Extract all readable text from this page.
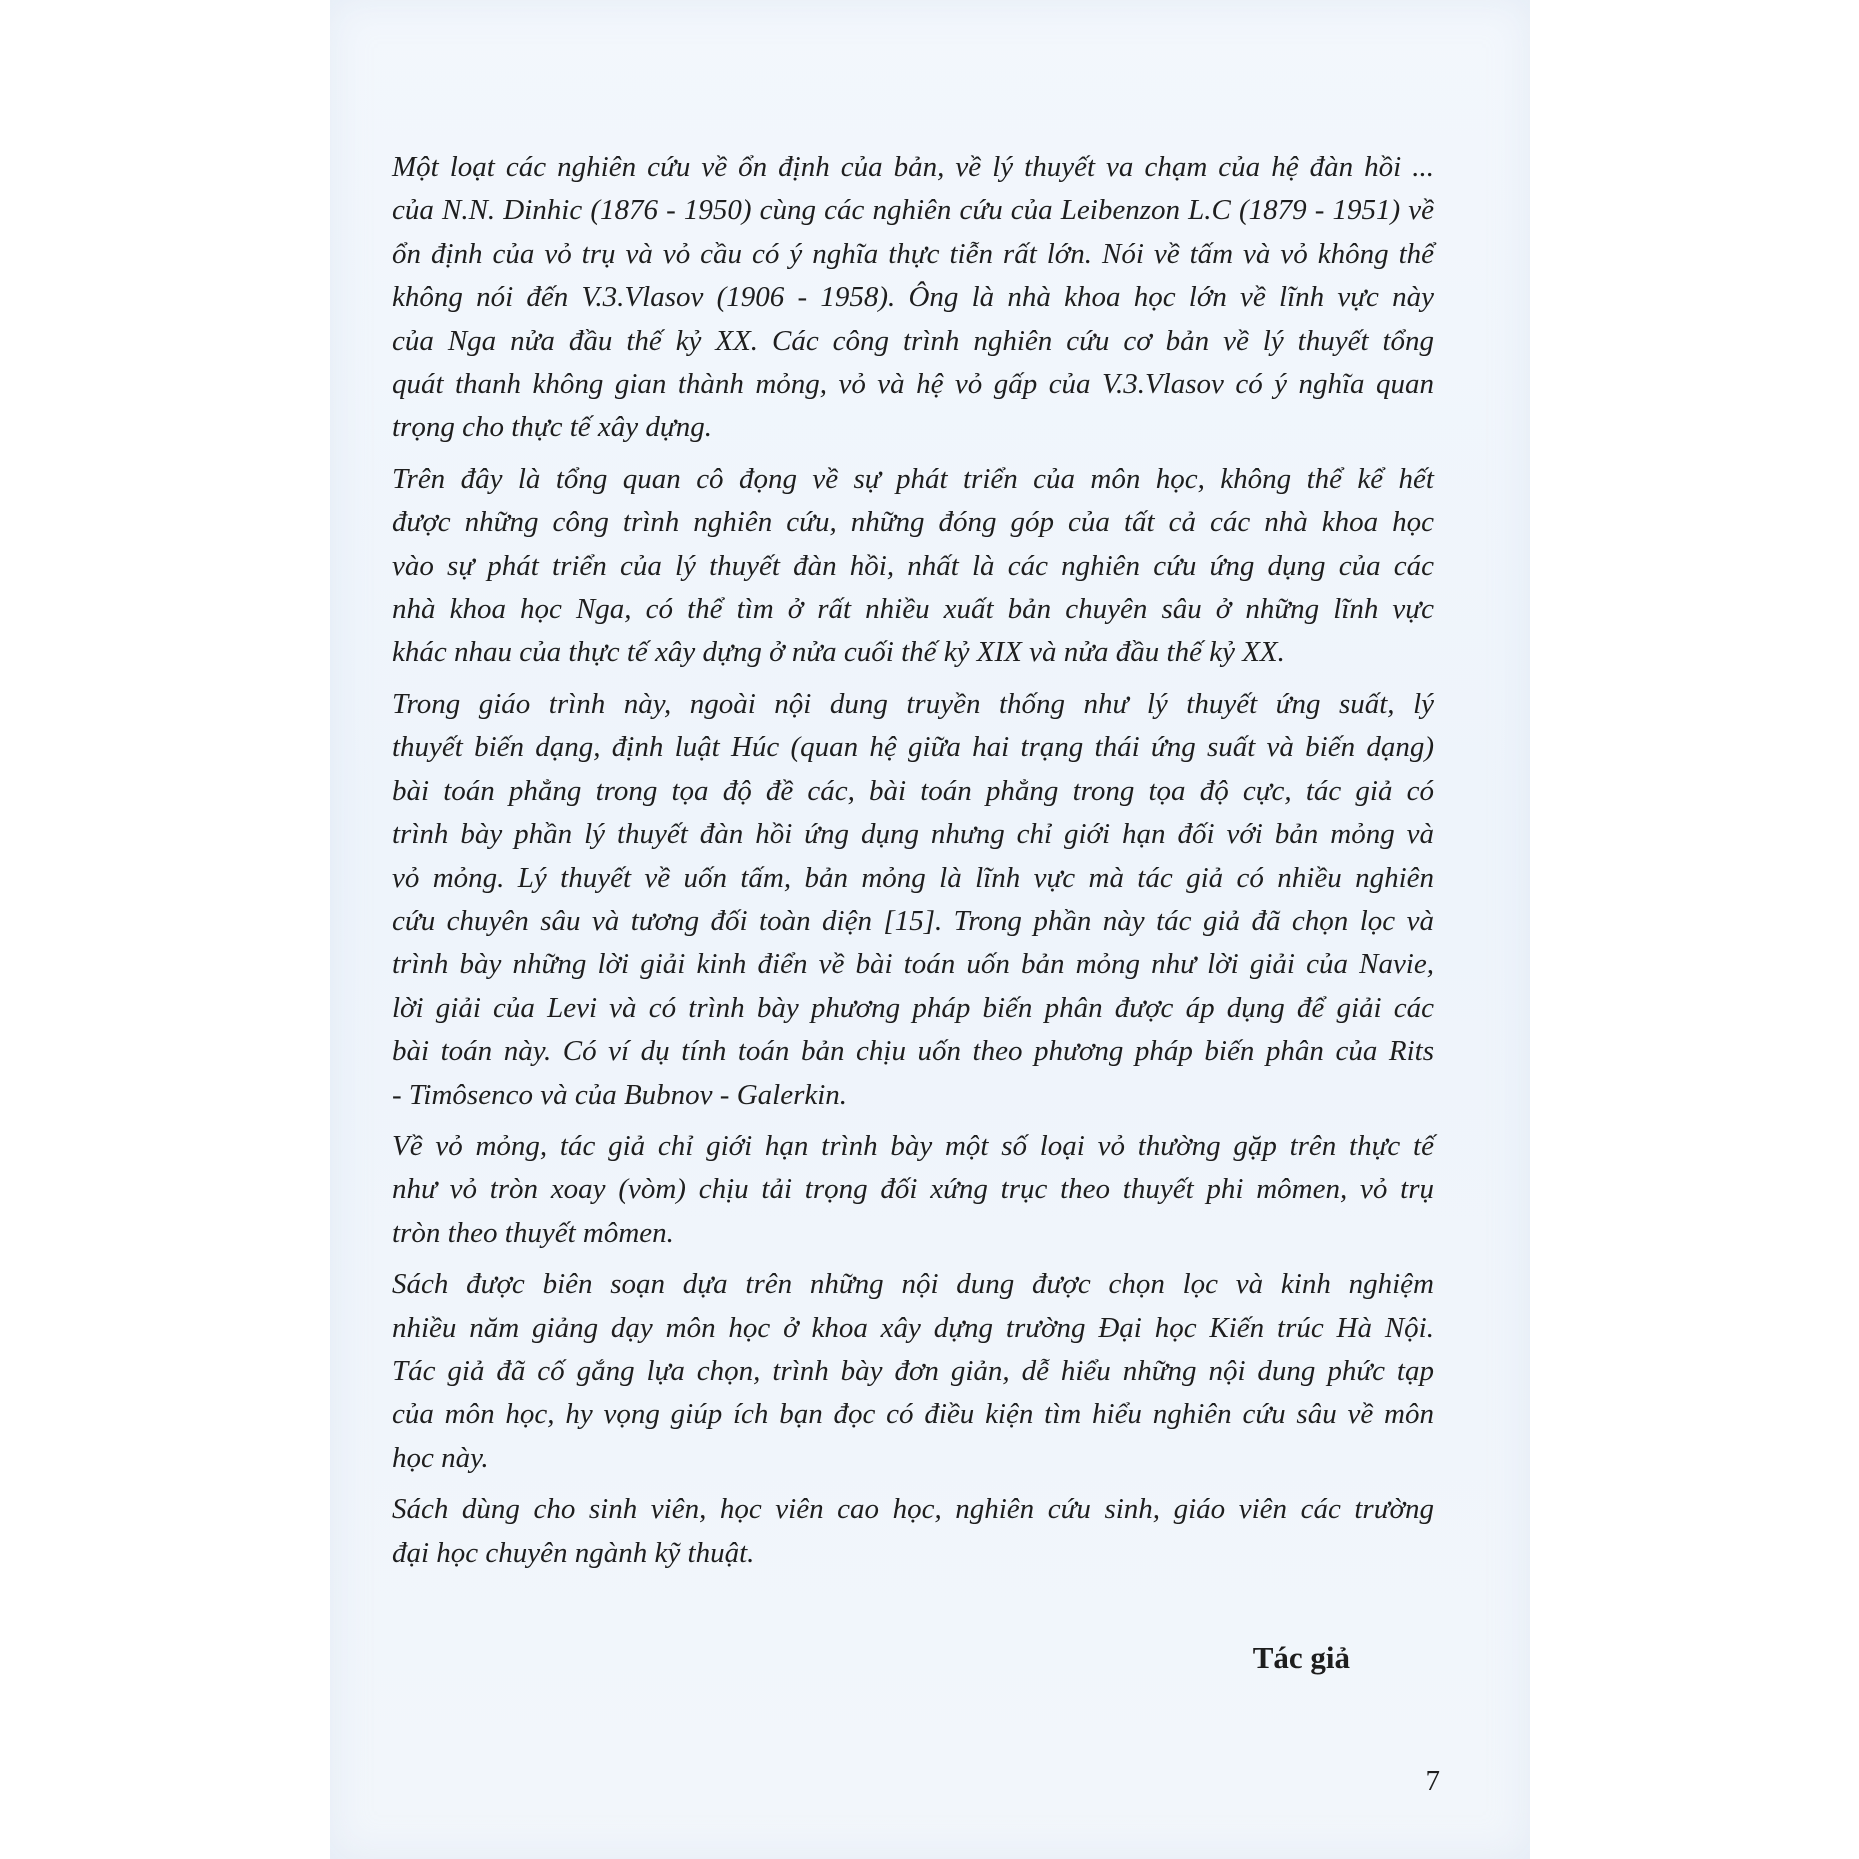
Một loạt các nghiên cứu về ổn định của bản, về lý thuyết va chạm của hệ đàn hồi ...
của N.N. Dinhic (1876 - 1950) cùng các nghiên cứu của Leibenzon L.C (1879 - 1951) về
ổn định của vỏ trụ và vỏ cầu có ý nghĩa thực tiễn rất lớn. Nói về tấm và vỏ không thể
không nói đến V.3.Vlasov (1906 - 1958). Ông là nhà khoa học lớn về lĩnh vực này
của Nga nửa đầu thế kỷ XX. Các công trình nghiên cứu cơ bản về lý thuyết tổng
quát thanh không gian thành mỏng, vỏ và hệ vỏ gấp của V.3.Vlasov có ý nghĩa quan
trọng cho thực tế xây dựng.

Trên đây là tổng quan cô đọng về sự phát triển của môn học, không thể kể hết
được những công trình nghiên cứu, những đóng góp của tất cả các nhà khoa học
vào sự phát triển của lý thuyết đàn hồi, nhất là các nghiên cứu ứng dụng của các
nhà khoa học Nga, có thể tìm ở rất nhiều xuất bản chuyên sâu ở những lĩnh vực
khác nhau của thực tế xây dựng ở nửa cuối thế kỷ XIX và nửa đầu thế kỷ XX.

Trong giáo trình này, ngoài nội dung truyền thống như lý thuyết ứng suất, lý
thuyết biến dạng, định luật Húc (quan hệ giữa hai trạng thái ứng suất và biến dạng)
bài toán phẳng trong tọa độ đề các, bài toán phẳng trong tọa độ cực, tác giả có
trình bày phần lý thuyết đàn hồi ứng dụng nhưng chỉ giới hạn đối với bản mỏng và
vỏ mỏng. Lý thuyết về uốn tấm, bản mỏng là lĩnh vực mà tác giả có nhiều nghiên
cứu chuyên sâu và tương đối toàn diện [15]. Trong phần này tác giả đã chọn lọc và
trình bày những lời giải kinh điển về bài toán uốn bản mỏng như lời giải của Navie,
lời giải của Levi và có trình bày phương pháp biến phân được áp dụng để giải các
bài toán này. Có ví dụ tính toán bản chịu uốn theo phương pháp biến phân của Rits
- Timôsenco và của Bubnov - Galerkin.

Về vỏ mỏng, tác giả chỉ giới hạn trình bày một số loại vỏ thường gặp trên thực tế
như vỏ tròn xoay (vòm) chịu tải trọng đối xứng trục theo thuyết phi mômen, vỏ trụ
tròn theo thuyết mômen.

Sách được biên soạn dựa trên những nội dung được chọn lọc và kinh nghiệm
nhiều năm giảng dạy môn học ở khoa xây dựng trường Đại học Kiến trúc Hà Nội.
Tác giả đã cố gắng lựa chọn, trình bày đơn giản, dễ hiểu những nội dung phức tạp
của môn học, hy vọng giúp ích bạn đọc có điều kiện tìm hiểu nghiên cứu sâu về môn
học này.

Sách dùng cho sinh viên, học viên cao học, nghiên cứu sinh, giáo viên các trường
đại học chuyên ngành kỹ thuật.

Tác giả
7
